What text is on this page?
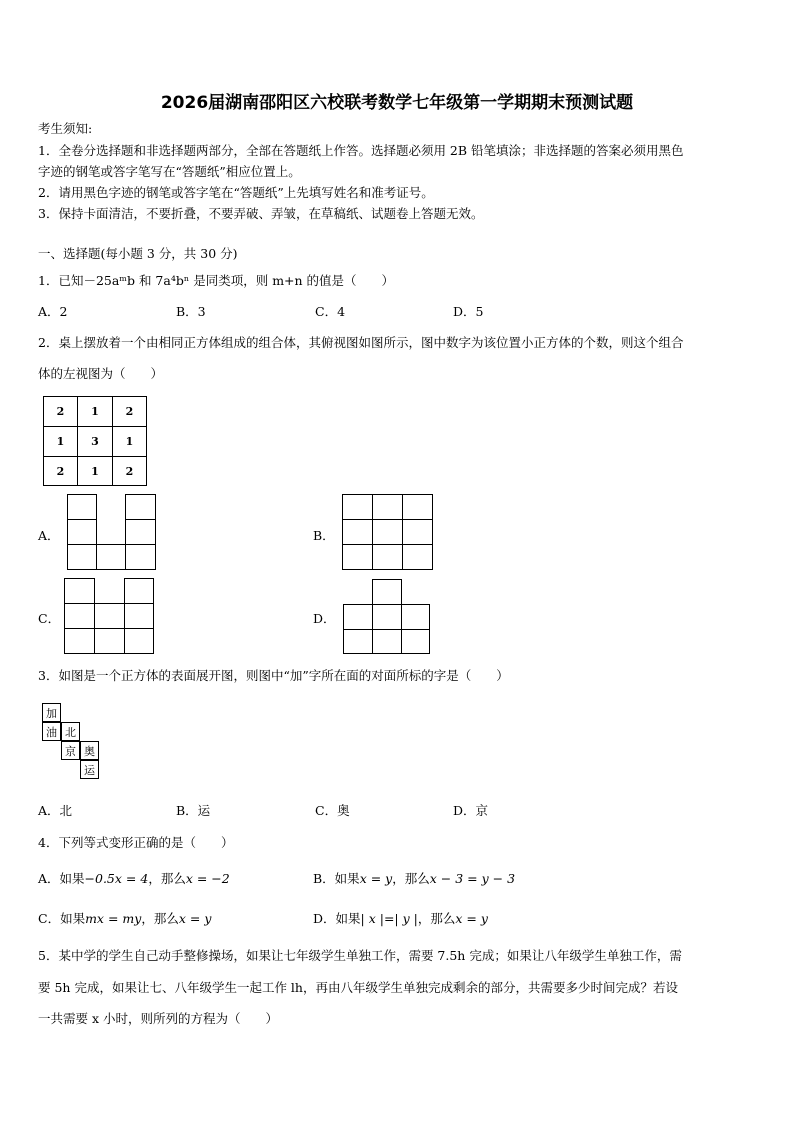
2026届湖南邵阳区六校联考数学七年级第一学期期末预测试题
考生须知:
1．全卷分选择题和非选择题两部分，全部在答题纸上作答。选择题必须用 2B 铅笔填涂；非选择题的答案必须用黑色
字迹的钢笔或答字笔写在“答题纸”相应位置上。
2．请用黑色字迹的钢笔或答字笔在“答题纸”上先填写姓名和准考证号。
3．保持卡面清洁，不要折叠，不要弄破、弄皱，在草稿纸、试题卷上答题无效。
一、选择题(每小题 3 分，共 30 分)
1．已知－25aᵐb 和 7a⁴bⁿ 是同类项，则 m+n 的值是（　　）
A．2	B．3	C．4	D．5
2．桌上摆放着一个由相同正方体组成的组合体，其俯视图如图所示，图中数字为该位置小正方体的个数，则这个组合
体的左视图为（　　）
2	1	2
1	3	1
2	1	2
A．	B．
C．	D．
3．如图是一个正方体的表面展开图，则图中“加”字所在面的对面所标的字是（　　）
加
油 北
京 奥
运
A．北	B．运	C．奥	D．京
4．下列等式变形正确的是（　　）
A．如果−0.5x = 4，那么x = −2	B．如果x = y，那么x − 3 = y − 3
C．如果mx = my，那么x = y	D．如果| x |=| y |，那么x = y
5．某中学的学生自己动手整修操场，如果让七年级学生单独工作，需要 7.5h 完成；如果让八年级学生单独工作，需
要 5h 完成，如果让七、八年级学生一起工作 lh，再由八年级学生单独完成剩余的部分，共需要多少时间完成？若设
一共需要 x 小时，则所列的方程为（　　）
